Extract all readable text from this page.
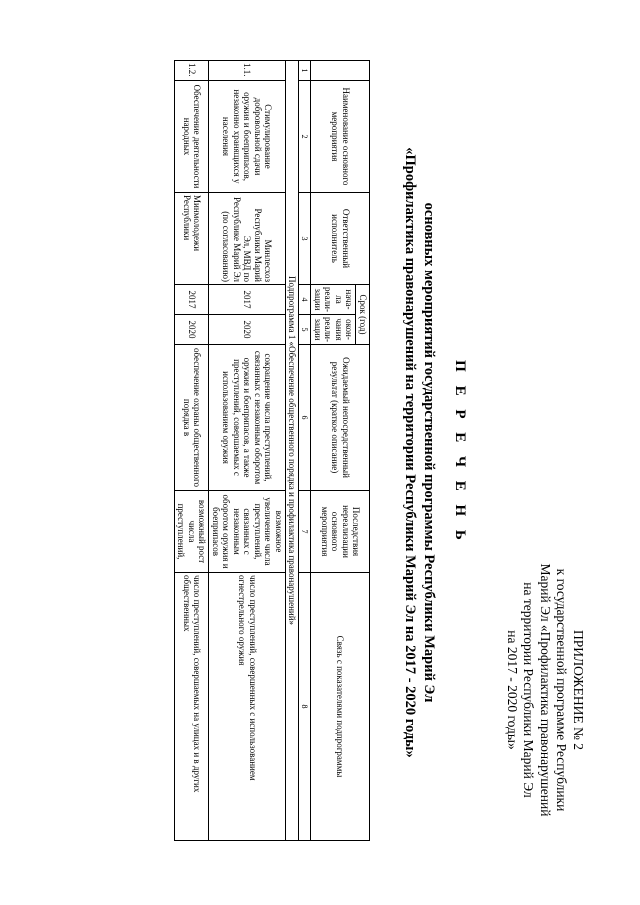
ПРИЛОЖЕНИЕ № 2
к государственной программе Республики
Марий Эл «Профилактика правонарушений
на территории Республики Марий Эл
на 2017 - 2020 годы»
П Е Р Е Ч Е Н Ь
основных мероприятий государственной программы Республики Марий Эл
«Профилактика правонарушений на территории Республики Марий Эл на 2017 - 2020 годы»
	Наименование основного мероприятия	Ответственный исполнитель	Срок (год)		Ожидаемый непосредственный результат (краткое описание)	Последствия нереализации основного мероприятия	Связь с показателями подпрограммы
			нача- ла реали- зации	окон- чания реали- зации			
1	2	3	4	5	6	7	8
Подпрограмма 1 «Обеспечение общественного порядка и профилактика правонарушений»							
1.1.	Стимулирование добровольной сдачи оружия и боеприпасов, незаконно хранящихся у населения	Минлесхоз Республики Марий Эл, МВД по Республике Марий Эл (по согласованию)	2017	2020	сокращение числа преступлений, связанных с незаконным оборотом оружия и боеприпасов, а также преступлений, совершаемых с использованием оружия	возможное увеличение числа преступлений, связанных с незаконным оборотом оружия и боеприпасов	число преступлений, совершенных с использованием огнестрельного оружия
1.2.	Обеспечение деятельности народных	Минмолодежи Республики	2017	2020	обеспечение охраны общественного порядка в	возможный рост числа преступлений,	число преступлений, совершаемых на улицах и в других общественных
